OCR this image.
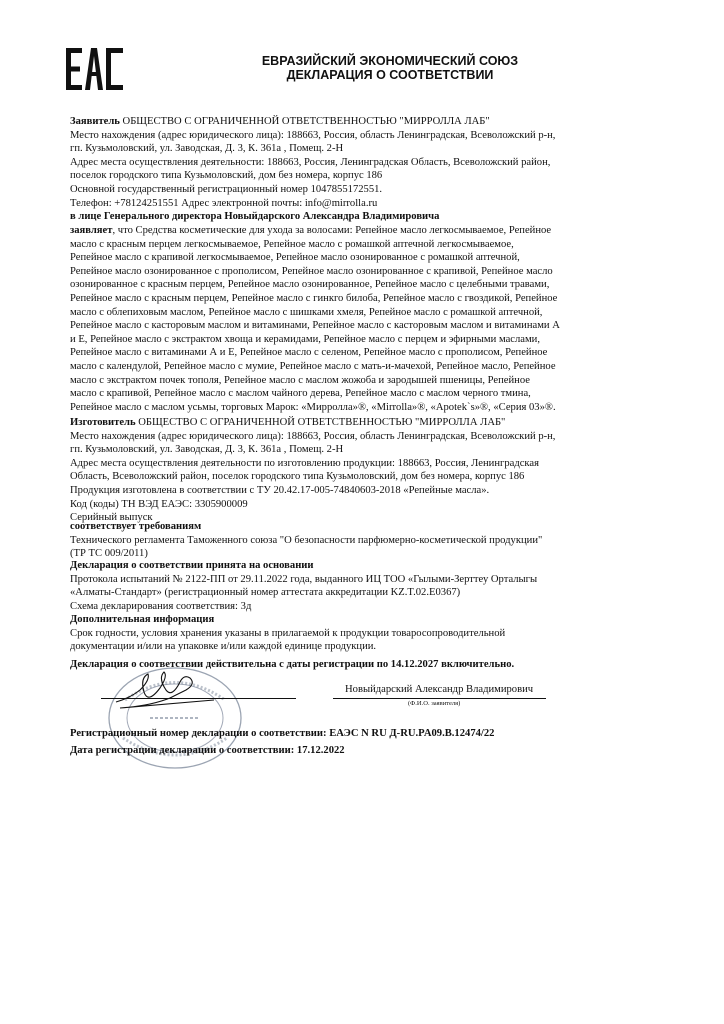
ЕВРАЗИЙСКИЙ ЭКОНОМИЧЕСКИЙ СОЮЗ
ДЕКЛАРАЦИЯ О СООТВЕТСТВИИ
Заявитель ОБЩЕСТВО С ОГРАНИЧЕННОЙ ОТВЕТСТВЕННОСТЬЮ "МИРРОЛЛА ЛАБ"
Место нахождения (адрес юридического лица): 188663, Россия, область Ленинградская, Всеволожский р-н,
гп. Кузьмоловский, ул. Заводская, Д. 3, К. 361а , Помещ. 2-Н
Адрес места осуществления деятельности: 188663, Россия, Ленинградская Область, Всеволожский район,
поселок городского типа Кузьмоловский, дом без номера, корпус 186
Основной государственный регистрационный номер 1047855172551.
Телефон: +78124251551 Адрес электронной почты: info@mirrolla.ru
в лице Генерального директора Новыйдарского Александра Владимировича
заявляет, что Средства косметические для ухода за волосами: Репейное масло легкосмываемое, Репейное
масло с красным перцем легкосмываемое, Репейное масло с ромашкой аптечной легкосмываемое,
Репейное масло с крапивой легкосмываемое, Репейное масло озонированное с ромашкой аптечной,
Репейное масло озонированное с прополисом, Репейное масло озонированное с крапивой, Репейное масло
озонированное с красным перцем, Репейное масло озонированное, Репейное масло с целебными травами,
Репейное масло с красным перцем, Репейное масло с гинкго билоба, Репейное масло с гвоздикой, Репейное
масло с облепиховым маслом, Репейное масло с шишками хмеля, Репейное масло с ромашкой аптечной,
Репейное масло с касторовым маслом и витаминами, Репейное масло с касторовым маслом и витаминами А
и Е, Репейное масло с экстрактом хвоща и керамидами, Репейное масло с перцем и эфирными маслами,
Репейное масло с витаминами А и Е, Репейное масло с селеном, Репейное масло с прополисом, Репейное
масло с календулой, Репейное масло с мумие, Репейное масло с мать-и-мачехой, Репейное масло, Репейное
масло с экстрактом почек тополя, Репейное масло с маслом жожоба и зародышей пшеницы, Репейное
масло с крапивой, Репейное масло с маслом чайного дерева, Репейное масло с маслом черного тмина,
Репейное масло с маслом усьмы, торговых Марок: «Мирролла»®, «Mirrolla»®, «Apotek`s»®, «Серия 03»®.
Изготовитель ОБЩЕСТВО С ОГРАНИЧЕННОЙ ОТВЕТСТВЕННОСТЬЮ "МИРРОЛЛА ЛАБ"
Место нахождения (адрес юридического лица): 188663, Россия, область Ленинградская, Всеволожский р-н,
гп. Кузьмоловский, ул. Заводская, Д. 3, К. 361а , Помещ. 2-Н
Адрес места осуществления деятельности по изготовлению продукции: 188663, Россия, Ленинградская
Область, Всеволожский район, поселок городского типа Кузьмоловский, дом без номера, корпус 186
Продукция изготовлена в соответствии с ТУ 20.42.17-005-74840603-2018 «Репейные масла».
Код (коды) ТН ВЭД ЕАЭС: 3305900009
Серийный выпуск
соответствует требованиям
Технического регламента Таможенного союза "О безопасности парфюмерно-косметической продукции"
(ТР ТС 009/2011)
Декларация о соответствии принята на основании
Протокола испытаний № 2122-ПП от 29.11.2022 года, выданного ИЦ ТОО «Гылыми-Зерттеу Орталыгы
«Алматы-Стандарт» (регистрационный номер аттестата аккредитации KZ.T.02.E0367)
Схема декларирования соответствия: 3д
Дополнительная информация
Срок годности, условия хранения указаны в прилагаемой к продукции товаросопроводительной
документации и/или на упаковке и/или каждой единице продукции.
Декларация о соответствии действительна с даты регистрации по 14.12.2027 включительно.
Новыйдарский Александр Владимирович
(Ф.И.О. заявителя)
Регистрационный номер декларации о соответствии: ЕАЭС N RU Д-RU.PA09.B.12474/22
Дата регистрации декларации о соответствии: 17.12.2022
